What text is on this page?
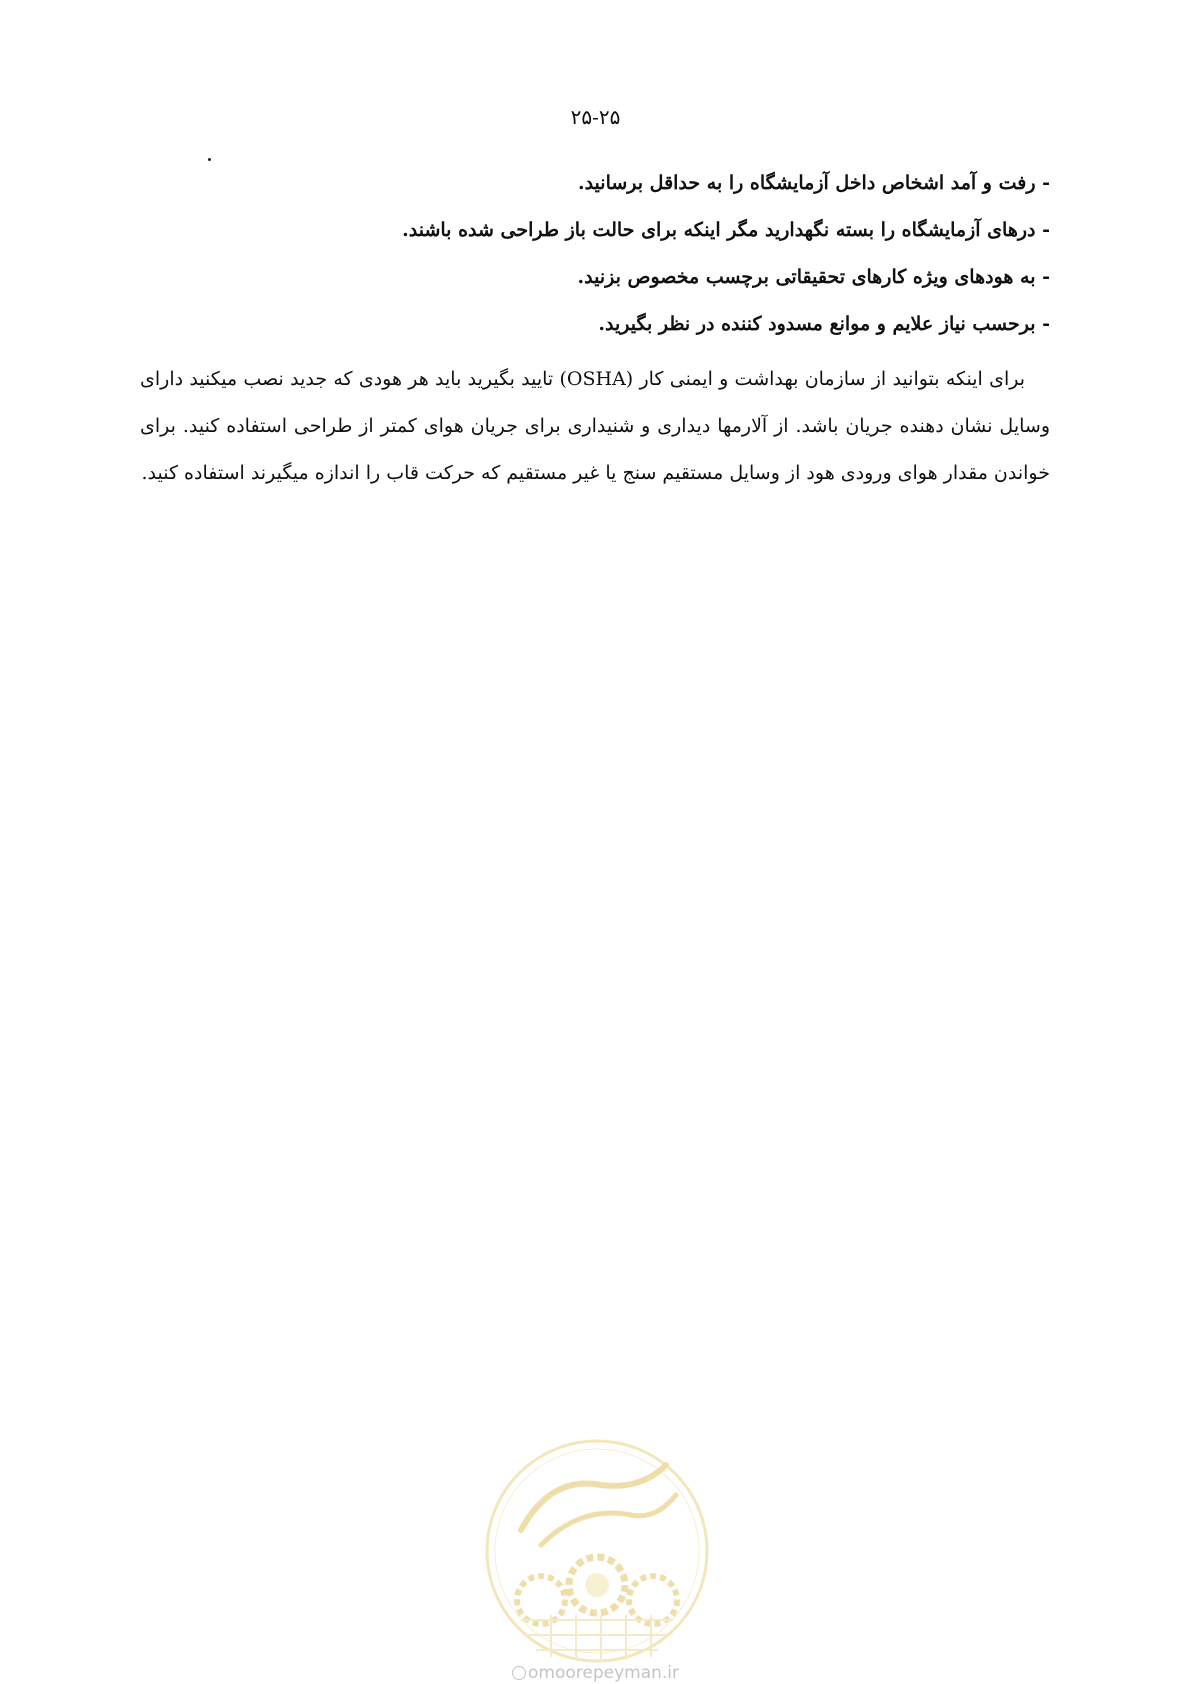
۲۵-۲۵
- رفت و آمد اشخاص داخل آزمایشگاه را به حداقل برسانید.
- درهای آزمایشگاه را بسته نگهدارید مگر اینکه برای حالت باز طراحی شده باشند.
- به هودهای ویژه کارهای تحقیقاتی برچسب مخصوص بزنید.
- برحسب نیاز علایم و موانع مسدود کننده در نظر بگیرید.

برای اینکه بتوانید از سازمان بهداشت و ایمنی کار (OSHA) تایید بگیرید باید هر هودی که جدید نصب میکنید دارای وسایل نشان دهنده جریان باشد. از آلارمها دیداری و شنیداری برای جریان هوای کمتر از طراحی استفاده کنید. برای خواندن مقدار هوای ورودی هود از وسایل مستقیم سنج یا غیر مستقیم که حرکت قاب را اندازه میگیرند استفاده کنید.

omoorepeyman.ir
